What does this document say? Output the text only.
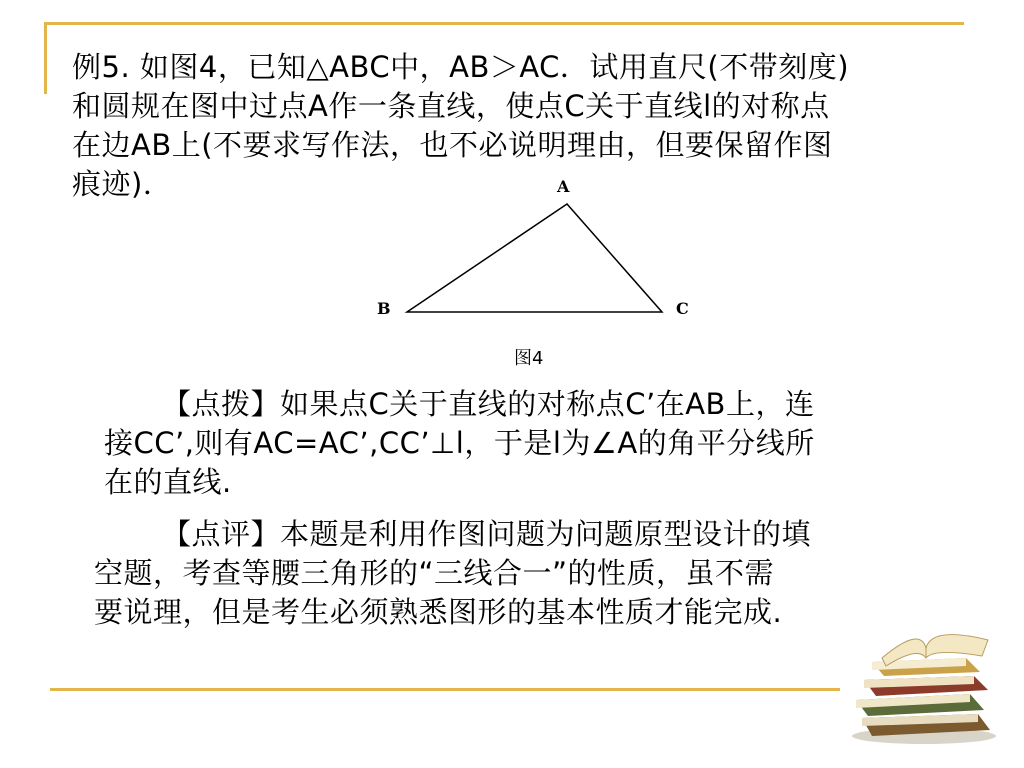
例5. 如图4，已知△ABC中，AB＞AC．试用直尺(不带刻度)
和圆规在图中过点A作一条直线，使点C关于直线l的对称点
在边AB上(不要求写作法，也不必说明理由，但要保留作图
痕迹)．	A
B	C
图4
【点拨】如果点C关于直线的对称点C’在AB上，连
接CC’,则有AC=AC’,CC’⊥l，于是l为∠A的角平分线所
在的直线.
【点评】本题是利用作图问题为问题原型设计的填
空题，考查等腰三角形的“三线合一”的性质，虽不需
要说理，但是考生必须熟悉图形的基本性质才能完成.
